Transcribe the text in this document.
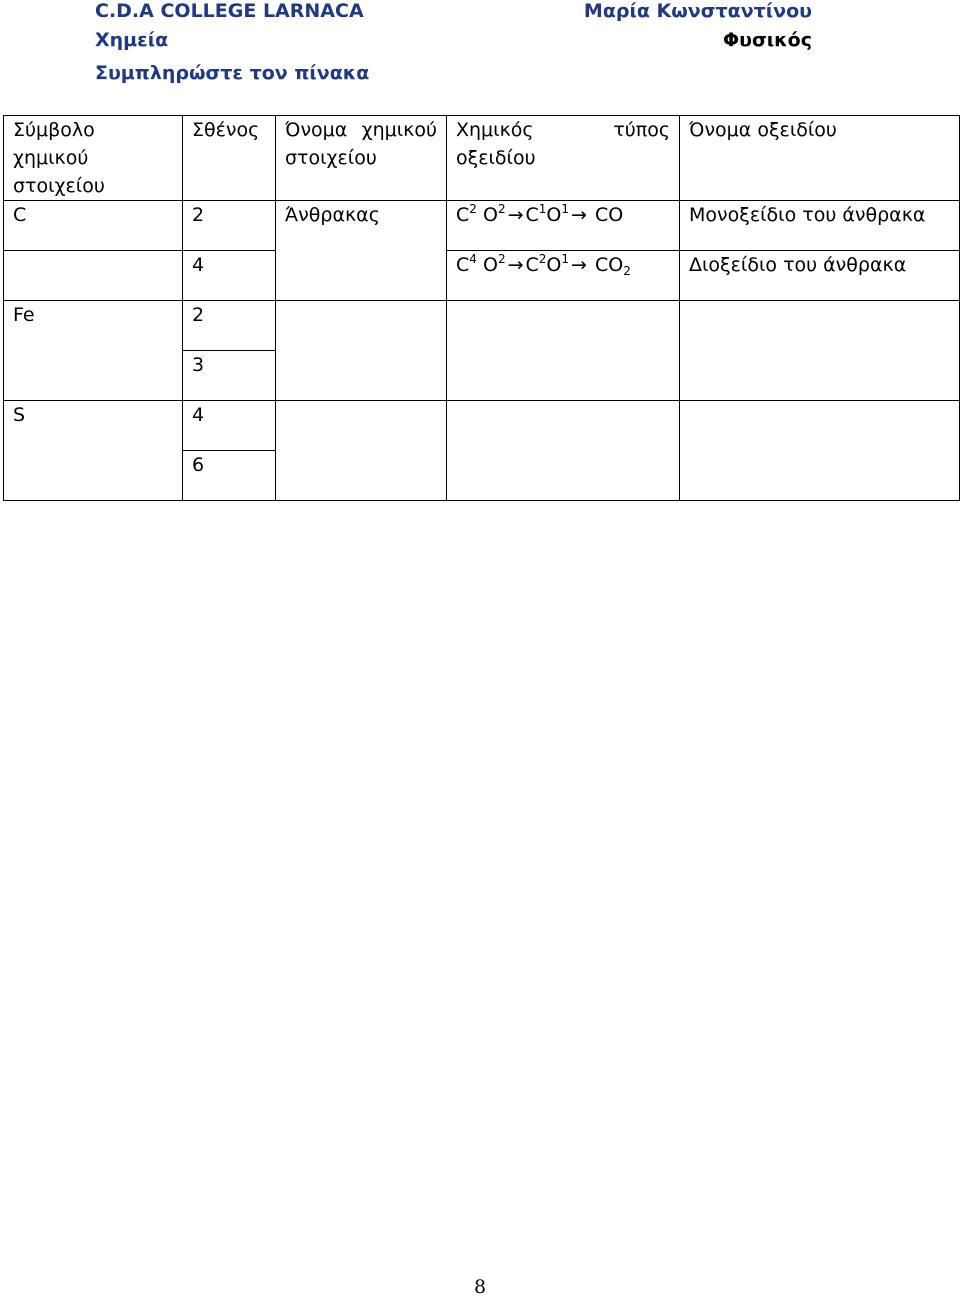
C.D.A COLLEGE LARNACA
Χημεία
Συμπληρώστε τον πίνακα
Μαρία Κωνσταντίνου
Φυσικός
Σύμβολο χημικού στοιχείου	Σθένος	Όνομα χημικού στοιχείου	Χημικός τύπος οξειδίου	Όνομα οξειδίου
C	2	Άνθρακας	$C^2$ $O^2 \to C^1O^1$ → CO	Μονοξείδιο του άνθρακα
	4		$C^4$ $O^2 \to C^2O^1 \to CO_2$	Διοξείδιο του άνθρακα
Fe	2			
	3			
S	4			
	6			
8
